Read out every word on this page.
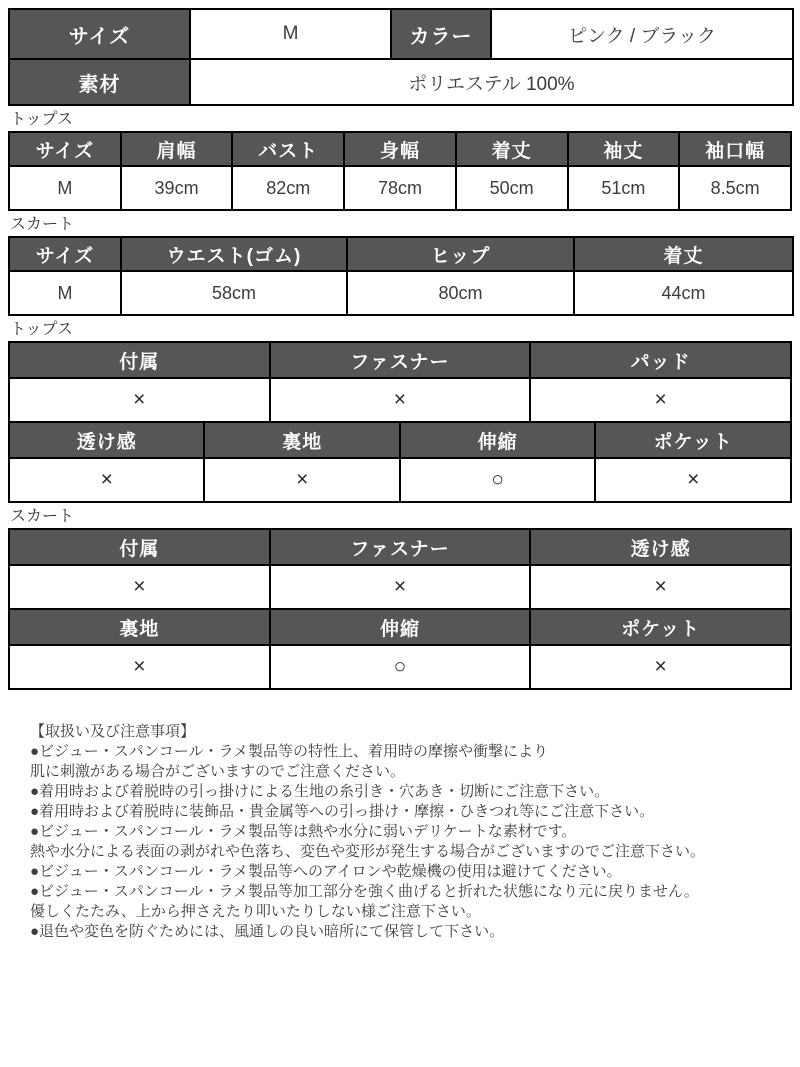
サイズ	M	カラー	ピンク / ブラック
素材	ポリエステル 100%		
トップス
サイズ	肩幅	バスト	身幅	着丈	袖丈	袖口幅
M	39cm	82cm	78cm	50cm	51cm	8.5cm
スカート
サイズ	ウエスト(ゴム)	ヒップ	着丈
M	58cm	80cm	44cm
トップス
付属		ファスナー		パッド	
×		×		×	
透け感	裏地		伸縮		ポケット
×	×		○		×
スカート
付属	ファスナー	透け感
×	×	×
裏地	伸縮	ポケット
×	○	×
【取扱い及び注意事項】
●ビジュー・スパンコール・ラメ製品等の特性上、着用時の摩擦や衝撃により
肌に刺激がある場合がございますのでご注意ください。
●着用時および着脱時の引っ掛けによる生地の糸引き・穴あき・切断にご注意下さい。
●着用時および着脱時に装飾品・貴金属等への引っ掛け・摩擦・ひきつれ等にご注意下さい。
●ビジュー・スパンコール・ラメ製品等は熱や水分に弱いデリケートな素材です。
熱や水分による表面の剥がれや色落ち、変色や変形が発生する場合がございますのでご注意下さい。
●ビジュー・スパンコール・ラメ製品等へのアイロンや乾燥機の使用は避けてください。
●ビジュー・スパンコール・ラメ製品等加工部分を強く曲げると折れた状態になり元に戻りません。
優しくたたみ、上から押さえたり叩いたりしない様ご注意下さい。
●退色や変色を防ぐためには、風通しの良い暗所にて保管して下さい。
